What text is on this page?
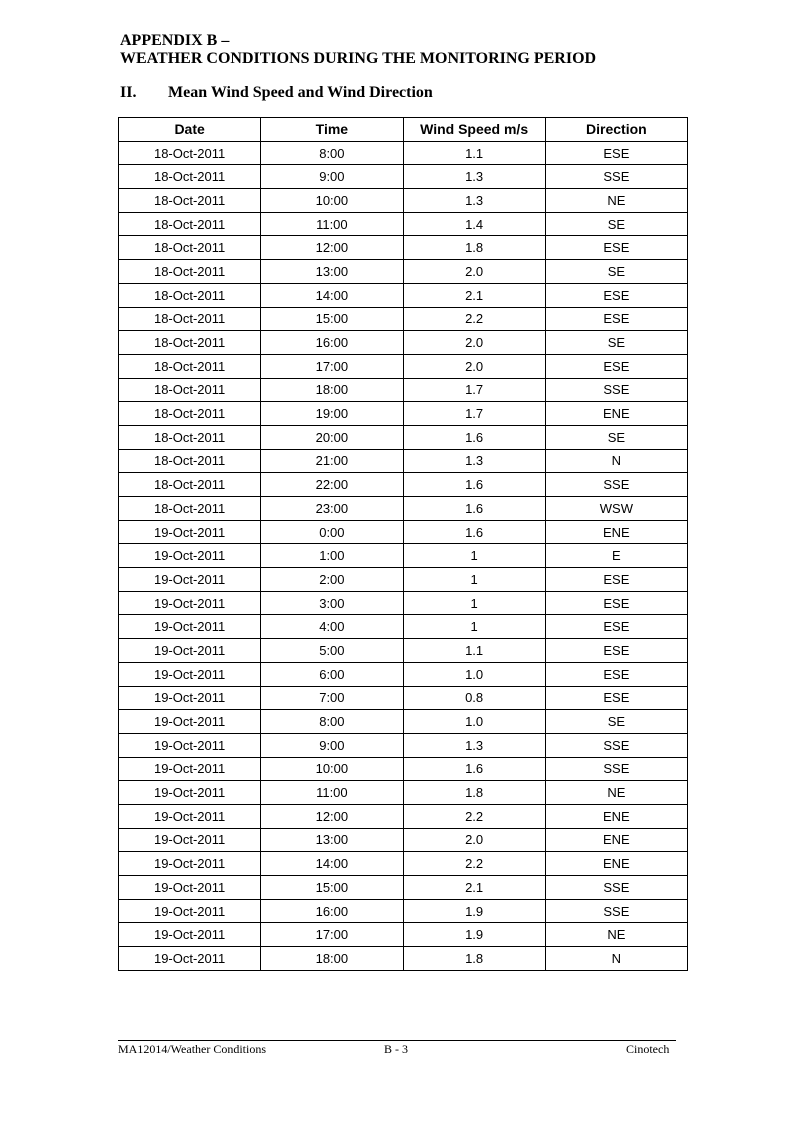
APPENDIX B –
WEATHER CONDITIONS DURING THE MONITORING PERIOD
II. Mean Wind Speed and Wind Direction
Date	Time	Wind Speed m/s	Direction
18-Oct-2011	8:00	1.1	ESE
18-Oct-2011	9:00	1.3	SSE
18-Oct-2011	10:00	1.3	NE
18-Oct-2011	11:00	1.4	SE
18-Oct-2011	12:00	1.8	ESE
18-Oct-2011	13:00	2.0	SE
18-Oct-2011	14:00	2.1	ESE
18-Oct-2011	15:00	2.2	ESE
18-Oct-2011	16:00	2.0	SE
18-Oct-2011	17:00	2.0	ESE
18-Oct-2011	18:00	1.7	SSE
18-Oct-2011	19:00	1.7	ENE
18-Oct-2011	20:00	1.6	SE
18-Oct-2011	21:00	1.3	N
18-Oct-2011	22:00	1.6	SSE
18-Oct-2011	23:00	1.6	WSW
19-Oct-2011	0:00	1.6	ENE
19-Oct-2011	1:00	1	E
19-Oct-2011	2:00	1	ESE
19-Oct-2011	3:00	1	ESE
19-Oct-2011	4:00	1	ESE
19-Oct-2011	5:00	1.1	ESE
19-Oct-2011	6:00	1.0	ESE
19-Oct-2011	7:00	0.8	ESE
19-Oct-2011	8:00	1.0	SE
19-Oct-2011	9:00	1.3	SSE
19-Oct-2011	10:00	1.6	SSE
19-Oct-2011	11:00	1.8	NE
19-Oct-2011	12:00	2.2	ENE
19-Oct-2011	13:00	2.0	ENE
19-Oct-2011	14:00	2.2	ENE
19-Oct-2011	15:00	2.1	SSE
19-Oct-2011	16:00	1.9	SSE
19-Oct-2011	17:00	1.9	NE
19-Oct-2011	18:00	1.8	N
MA12014/Weather Conditions	B - 3	Cinotech
